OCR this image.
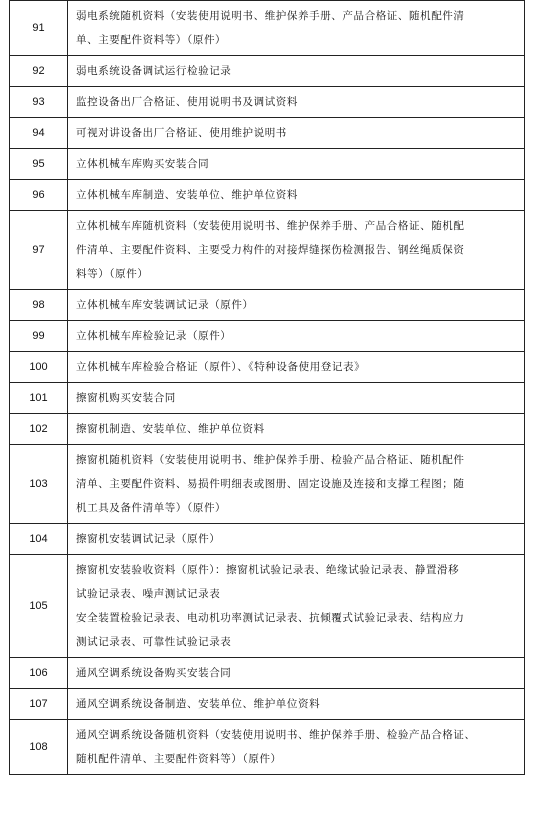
91	弱电系统随机资料（安装使用说明书、维护保养手册、产品合格证、随机配件清
单、主要配件资料等）（原件）

92	弱电系统设备调试运行检验记录

93	监控设备出厂合格证、使用说明书及调试资料

94	可视对讲设备出厂合格证、使用维护说明书

95	立体机械车库购买安装合同

96	立体机械车库制造、安装单位、维护单位资料

97	立体机械车库随机资料（安装使用说明书、维护保养手册、产品合格证、随机配
件清单、主要配件资料、主要受力构件的对接焊缝探伤检测报告、钢丝绳质保资
料等）（原件）

98	立体机械车库安装调试记录（原件）

99	立体机械车库检验记录（原件）

100	立体机械车库检验合格证（原件）、《特种设备使用登记表》

101	擦窗机购买安装合同

102	擦窗机制造、安装单位、维护单位资料

103	擦窗机随机资料（安装使用说明书、维护保养手册、检验产品合格证、随机配件
清单、主要配件资料、易损件明细表或图册、固定设施及连接和支撑工程图；随
机工具及备件清单等）（原件）

104	擦窗机安装调试记录（原件）

105	擦窗机安装验收资料（原件）：擦窗机试验记录表、绝缘试验记录表、静置滑移
试验记录表、噪声测试记录表
安全装置检验记录表、电动机功率测试记录表、抗倾覆式试验记录表、结构应力
测试记录表、可靠性试验记录表

106	通风空调系统设备购买安装合同

107	通风空调系统设备制造、安装单位、维护单位资料

108	通风空调系统设备随机资料（安装使用说明书、维护保养手册、检验产品合格证、
随机配件清单、主要配件资料等）（原件）
